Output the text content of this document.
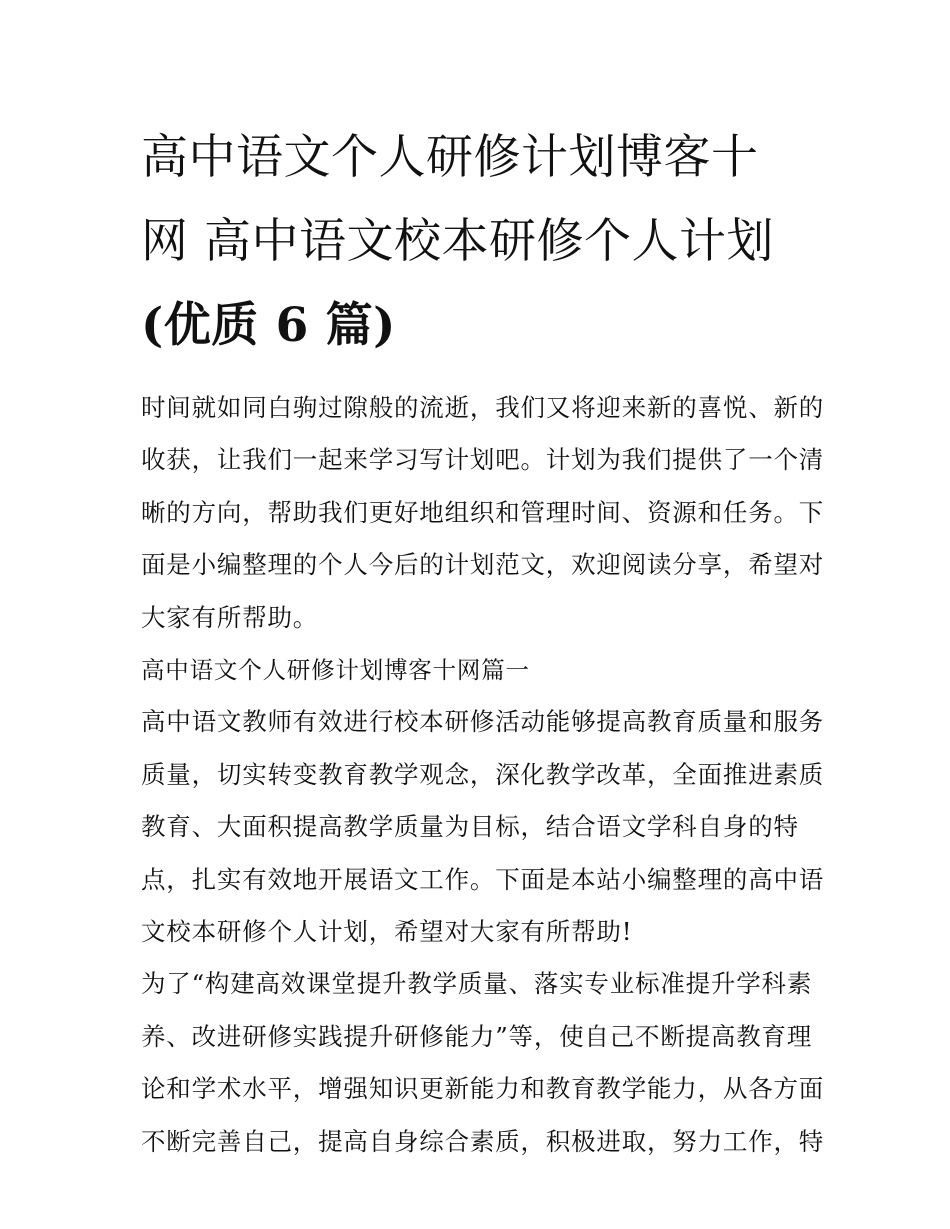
高中语文个人研修计划博客十
网 高中语文校本研修个人计划
(优质 6 篇)

时间就如同白驹过隙般的流逝，我们又将迎来新的喜悦、新的
收获，让我们一起来学习写计划吧。计划为我们提供了一个清
晰的方向，帮助我们更好地组织和管理时间、资源和任务。下
面是小编整理的个人今后的计划范文，欢迎阅读分享，希望对
大家有所帮助。

高中语文个人研修计划博客十网篇一

高中语文教师有效进行校本研修活动能够提高教育质量和服务
质量，切实转变教育教学观念，深化教学改革，全面推进素质
教育、大面积提高教学质量为目标，结合语文学科自身的特
点，扎实有效地开展语文工作。下面是本站小编整理的高中语
文校本研修个人计划，希望对大家有所帮助!

为了“构建高效课堂提升教学质量、落实专业标准提升学科素
养、改进研修实践提升研修能力”等，使自己不断提高教育理
论和学术水平，增强知识更新能力和教育教学能力，从各方面
不断完善自己，提高自身综合素质，积极进取，努力工作，特
